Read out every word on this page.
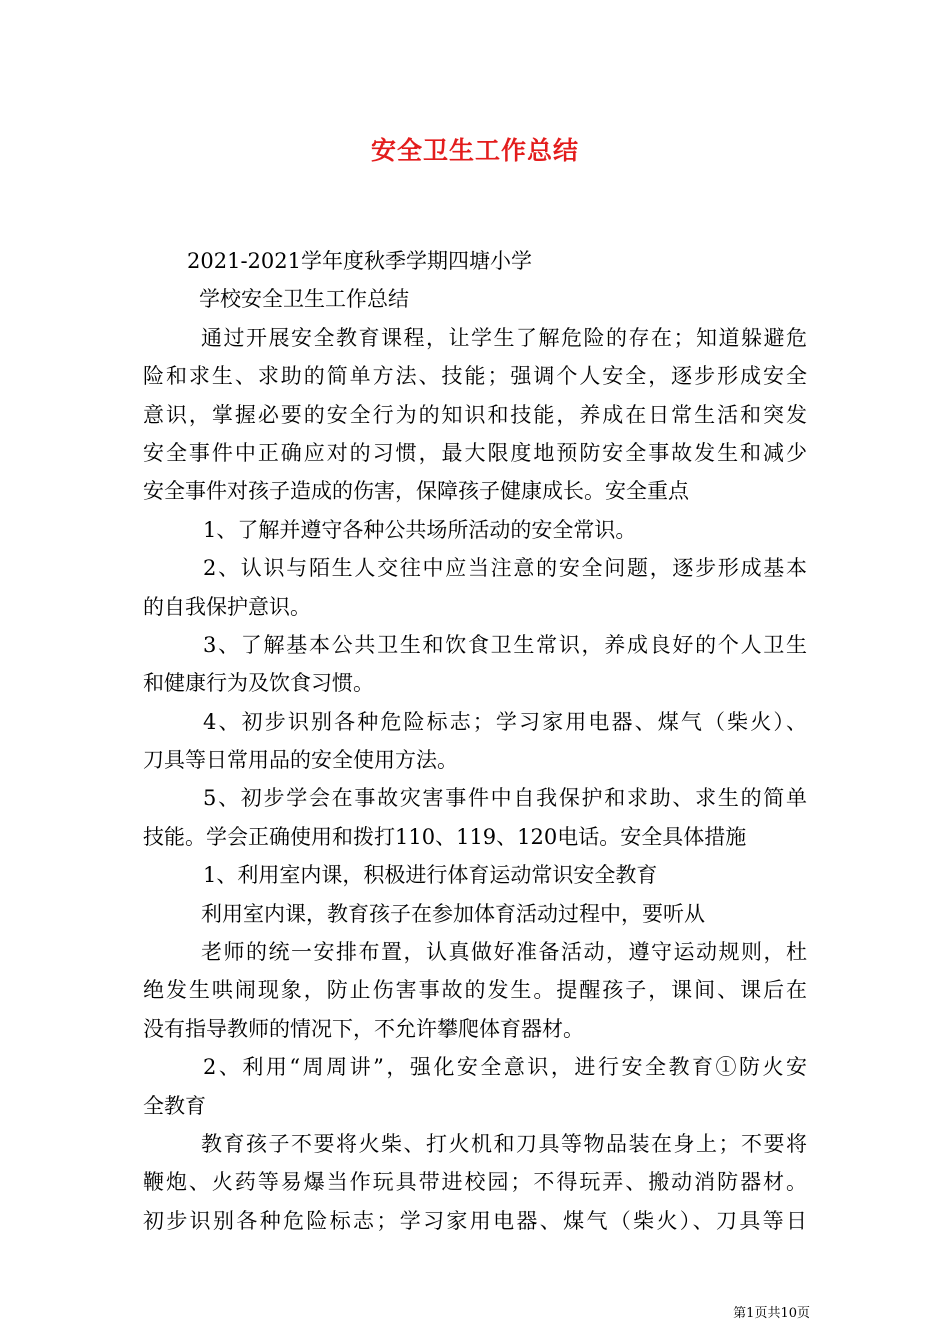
安全卫生工作总结
2021-2021学年度秋季学期四塘小学
学校安全卫生工作总结
通过开展安全教育课程，让学生了解危险的存在；知道躲避危
险和求生、求助的简单方法、技能；强调个人安全，逐步形成安全
意识，掌握必要的安全行为的知识和技能，养成在日常生活和突发
安全事件中正确应对的习惯，最大限度地预防安全事故发生和减少
安全事件对孩子造成的伤害，保障孩子健康成长。安全重点
1、了解并遵守各种公共场所活动的安全常识。
2、认识与陌生人交往中应当注意的安全问题，逐步形成基本
的自我保护意识。
3、了解基本公共卫生和饮食卫生常识，养成良好的个人卫生
和健康行为及饮食习惯。
4、初步识别各种危险标志；学习家用电器、煤气（柴火）、
刀具等日常用品的安全使用方法。
5、初步学会在事故灾害事件中自我保护和求助、求生的简单
技能。学会正确使用和拨打110、119、120电话。安全具体措施
1、利用室内课，积极进行体育运动常识安全教育
利用室内课，教育孩子在参加体育活动过程中，要听从
老师的统一安排布置，认真做好准备活动，遵守运动规则，杜
绝发生哄闹现象，防止伤害事故的发生。提醒孩子，课间、课后在
没有指导教师的情况下，不允许攀爬体育器材。
2、利用“周周讲”，强化安全意识，进行安全教育①防火安
全教育
教育孩子不要将火柴、打火机和刀具等物品装在身上；不要将
鞭炮、火药等易爆当作玩具带进校园；不得玩弄、搬动消防器材。
初步识别各种危险标志；学习家用电器、煤气（柴火）、刀具等日
第1页共10页
